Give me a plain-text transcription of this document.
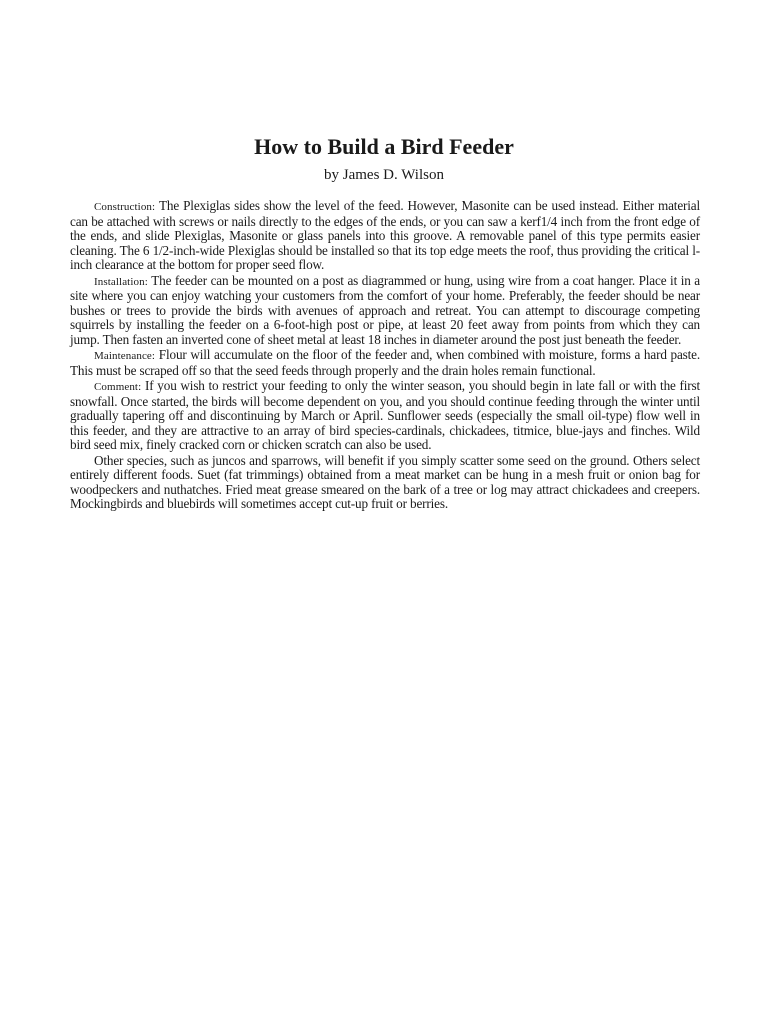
How to Build a Bird Feeder
by James D. Wilson

Construction: The Plexiglas sides show the level of the feed. However, Masonite can be used instead. Either material can be attached with screws or nails directly to the edges of the ends, or you can saw a kerf1/4 inch from the front edge of the ends, and slide Plexiglas, Masonite or glass panels into this groove. A removable panel of this type permits easier cleaning. The 6 1/2-inch-wide Plexiglas should be installed so that its top edge meets the roof, thus providing the critical l-inch clearance at the bottom for proper seed flow.

Installation: The feeder can be mounted on a post as diagrammed or hung, using wire from a coat hanger. Place it in a site where you can enjoy watching your customers from the comfort of your home. Preferably, the feeder should be near bushes or trees to provide the birds with avenues of approach and retreat. You can attempt to discourage competing squirrels by installing the feeder on a 6-foot-high post or pipe, at least 20 feet away from points from which they can jump. Then fasten an inverted cone of sheet metal at least 18 inches in diameter around the post just beneath the feeder.

Maintenance: Flour will accumulate on the floor of the feeder and, when combined with moisture, forms a hard paste. This must be scraped off so that the seed feeds through properly and the drain holes remain functional.

Comment: If you wish to restrict your feeding to only the winter season, you should begin in late fall or with the first snowfall. Once started, the birds will become dependent on you, and you should continue feeding through the winter until gradually tapering off and discontinuing by March or April. Sunflower seeds (especially the small oil-type) flow well in this feeder, and they are attractive to an array of bird species-cardinals, chickadees, titmice, blue-jays and finches. Wild bird seed mix, finely cracked corn or chicken scratch can also be used.

Other species, such as juncos and sparrows, will benefit if you simply scatter some seed on the ground. Others select entirely different foods. Suet (fat trimmings) obtained from a meat market can be hung in a mesh fruit or onion bag for woodpeckers and nuthatches. Fried meat grease smeared on the bark of a tree or log may attract chickadees and creepers. Mockingbirds and bluebirds will sometimes accept cut-up fruit or berries.
